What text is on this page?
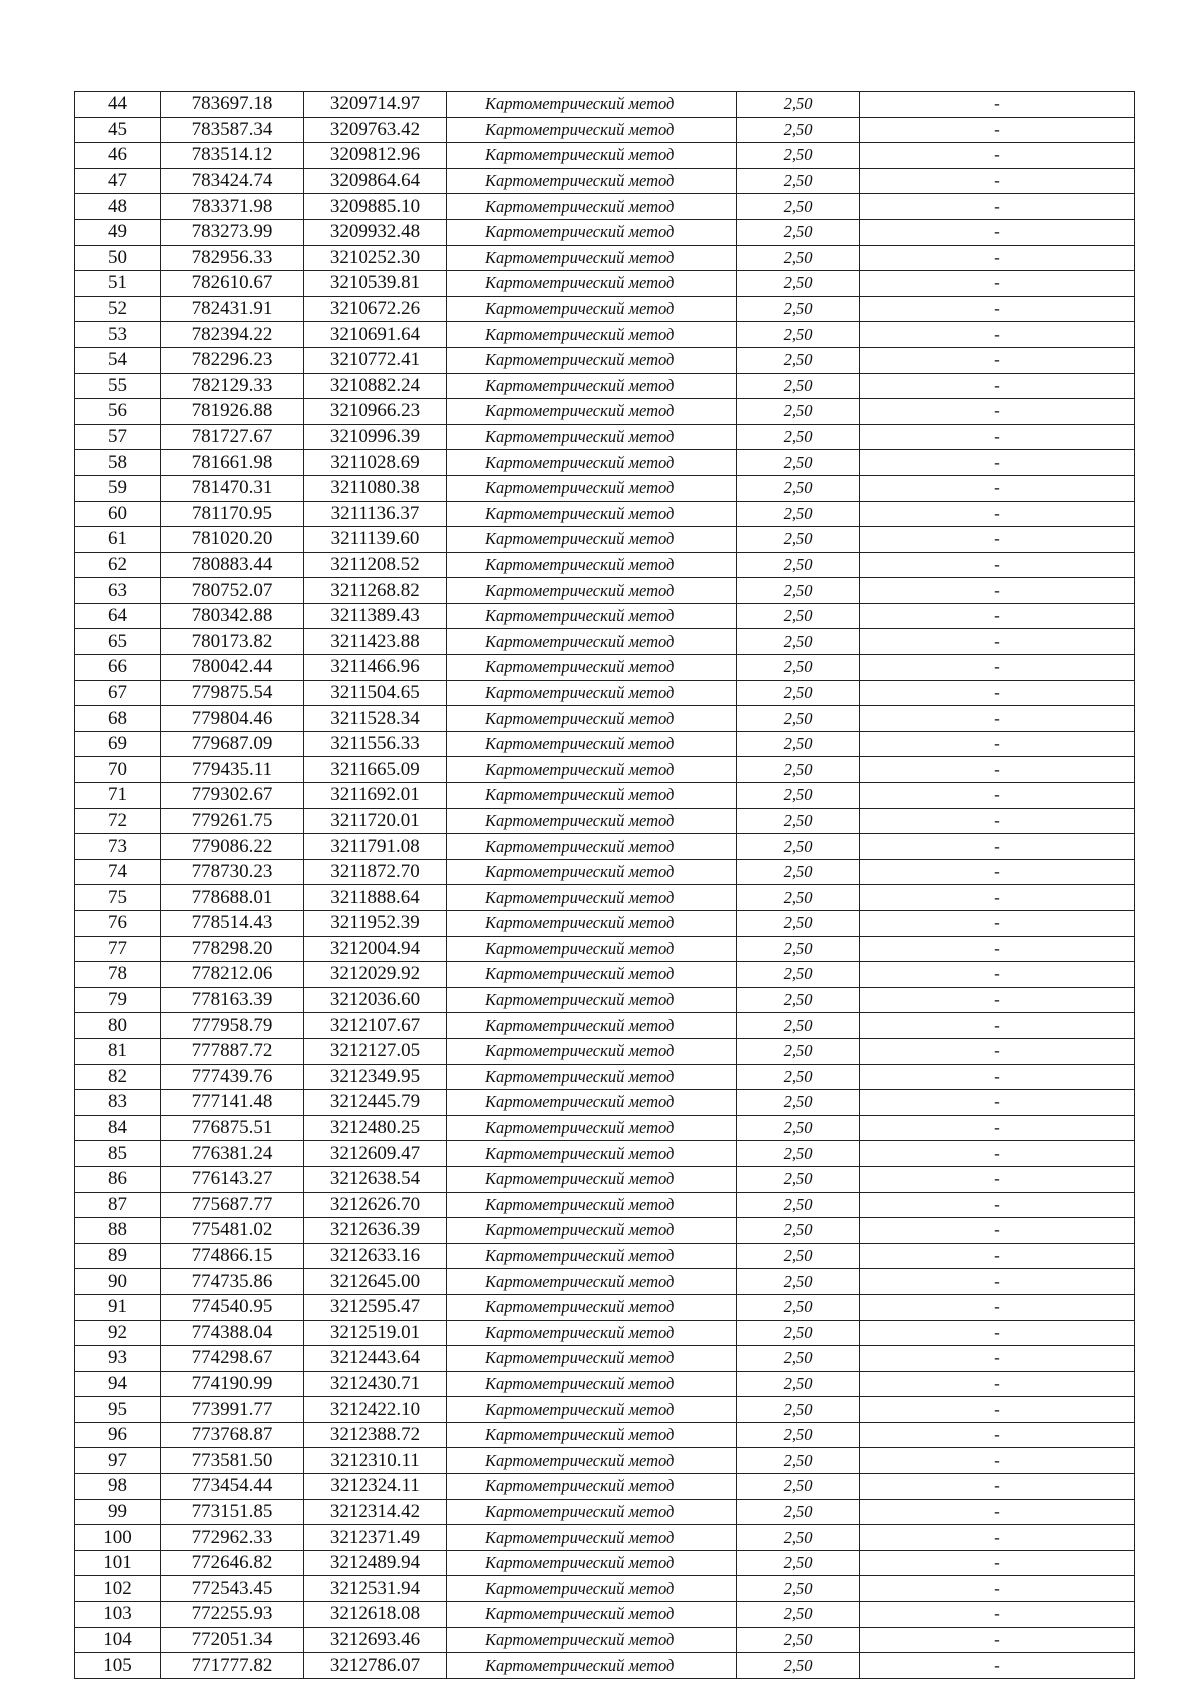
44	783697.18	3209714.97	Картометрический метод	2,50	-
45	783587.34	3209763.42	Картометрический метод	2,50	-
46	783514.12	3209812.96	Картометрический метод	2,50	-
47	783424.74	3209864.64	Картометрический метод	2,50	-
48	783371.98	3209885.10	Картометрический метод	2,50	-
49	783273.99	3209932.48	Картометрический метод	2,50	-
50	782956.33	3210252.30	Картометрический метод	2,50	-
51	782610.67	3210539.81	Картометрический метод	2,50	-
52	782431.91	3210672.26	Картометрический метод	2,50	-
53	782394.22	3210691.64	Картометрический метод	2,50	-
54	782296.23	3210772.41	Картометрический метод	2,50	-
55	782129.33	3210882.24	Картометрический метод	2,50	-
56	781926.88	3210966.23	Картометрический метод	2,50	-
57	781727.67	3210996.39	Картометрический метод	2,50	-
58	781661.98	3211028.69	Картометрический метод	2,50	-
59	781470.31	3211080.38	Картометрический метод	2,50	-
60	781170.95	3211136.37	Картометрический метод	2,50	-
61	781020.20	3211139.60	Картометрический метод	2,50	-
62	780883.44	3211208.52	Картометрический метод	2,50	-
63	780752.07	3211268.82	Картометрический метод	2,50	-
64	780342.88	3211389.43	Картометрический метод	2,50	-
65	780173.82	3211423.88	Картометрический метод	2,50	-
66	780042.44	3211466.96	Картометрический метод	2,50	-
67	779875.54	3211504.65	Картометрический метод	2,50	-
68	779804.46	3211528.34	Картометрический метод	2,50	-
69	779687.09	3211556.33	Картометрический метод	2,50	-
70	779435.11	3211665.09	Картометрический метод	2,50	-
71	779302.67	3211692.01	Картометрический метод	2,50	-
72	779261.75	3211720.01	Картометрический метод	2,50	-
73	779086.22	3211791.08	Картометрический метод	2,50	-
74	778730.23	3211872.70	Картометрический метод	2,50	-
75	778688.01	3211888.64	Картометрический метод	2,50	-
76	778514.43	3211952.39	Картометрический метод	2,50	-
77	778298.20	3212004.94	Картометрический метод	2,50	-
78	778212.06	3212029.92	Картометрический метод	2,50	-
79	778163.39	3212036.60	Картометрический метод	2,50	-
80	777958.79	3212107.67	Картометрический метод	2,50	-
81	777887.72	3212127.05	Картометрический метод	2,50	-
82	777439.76	3212349.95	Картометрический метод	2,50	-
83	777141.48	3212445.79	Картометрический метод	2,50	-
84	776875.51	3212480.25	Картометрический метод	2,50	-
85	776381.24	3212609.47	Картометрический метод	2,50	-
86	776143.27	3212638.54	Картометрический метод	2,50	-
87	775687.77	3212626.70	Картометрический метод	2,50	-
88	775481.02	3212636.39	Картометрический метод	2,50	-
89	774866.15	3212633.16	Картометрический метод	2,50	-
90	774735.86	3212645.00	Картометрический метод	2,50	-
91	774540.95	3212595.47	Картометрический метод	2,50	-
92	774388.04	3212519.01	Картометрический метод	2,50	-
93	774298.67	3212443.64	Картометрический метод	2,50	-
94	774190.99	3212430.71	Картометрический метод	2,50	-
95	773991.77	3212422.10	Картометрический метод	2,50	-
96	773768.87	3212388.72	Картометрический метод	2,50	-
97	773581.50	3212310.11	Картометрический метод	2,50	-
98	773454.44	3212324.11	Картометрический метод	2,50	-
99	773151.85	3212314.42	Картометрический метод	2,50	-
100	772962.33	3212371.49	Картометрический метод	2,50	-
101	772646.82	3212489.94	Картометрический метод	2,50	-
102	772543.45	3212531.94	Картометрический метод	2,50	-
103	772255.93	3212618.08	Картометрический метод	2,50	-
104	772051.34	3212693.46	Картометрический метод	2,50	-
105	771777.82	3212786.07	Картометрический метод	2,50	-
